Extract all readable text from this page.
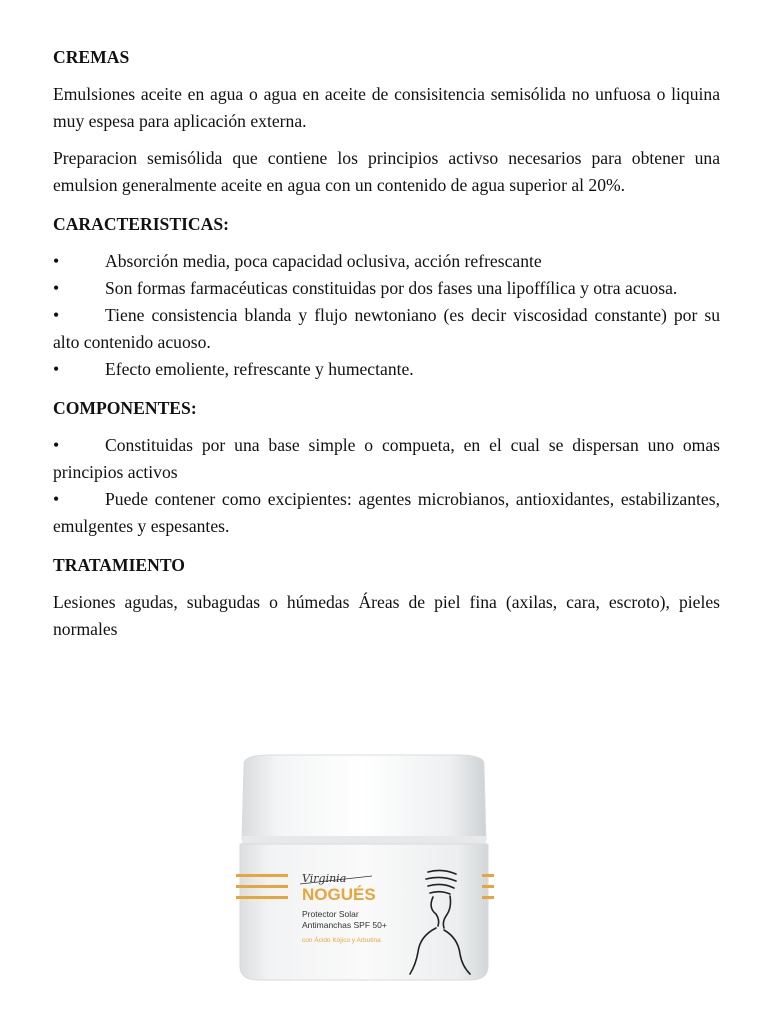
CREMAS

Emulsiones aceite en agua o agua en aceite de consisitencia semisólida no unfuosa o liquina muy espesa para aplicación externa.

Preparacion semisólida que contiene los principios activso necesarios para obtener una emulsion generalmente aceite en agua con un contenido de agua superior al 20%.

CARACTERISTICAS:
•	Absorción media, poca capacidad oclusiva, acción refrescante
•	Son formas farmacéuticas constituidas por dos fases una lipoffílica y otra acuosa.
•	Tiene consistencia blanda y flujo newtoniano (es decir viscosidad constante) por su alto contenido acuoso.
•	Efecto emoliente, refrescante y humectante.
COMPONENTES:
•	Constituidas por una base simple o compueta, en el cual se dispersan uno omas principios activos
•	Puede contener como excipientes: agentes microbianos, antioxidantes, estabilizantes, emulgentes y espesantes.
TRATAMIENTO

Lesiones agudas, subagudas o húmedas Áreas de piel fina (axilas, cara, escroto), pieles normales

Virginia
NOGUÉS
Protector Solar
Antimanchas SPF 50+
con Ácido Kójico y Arbutina
